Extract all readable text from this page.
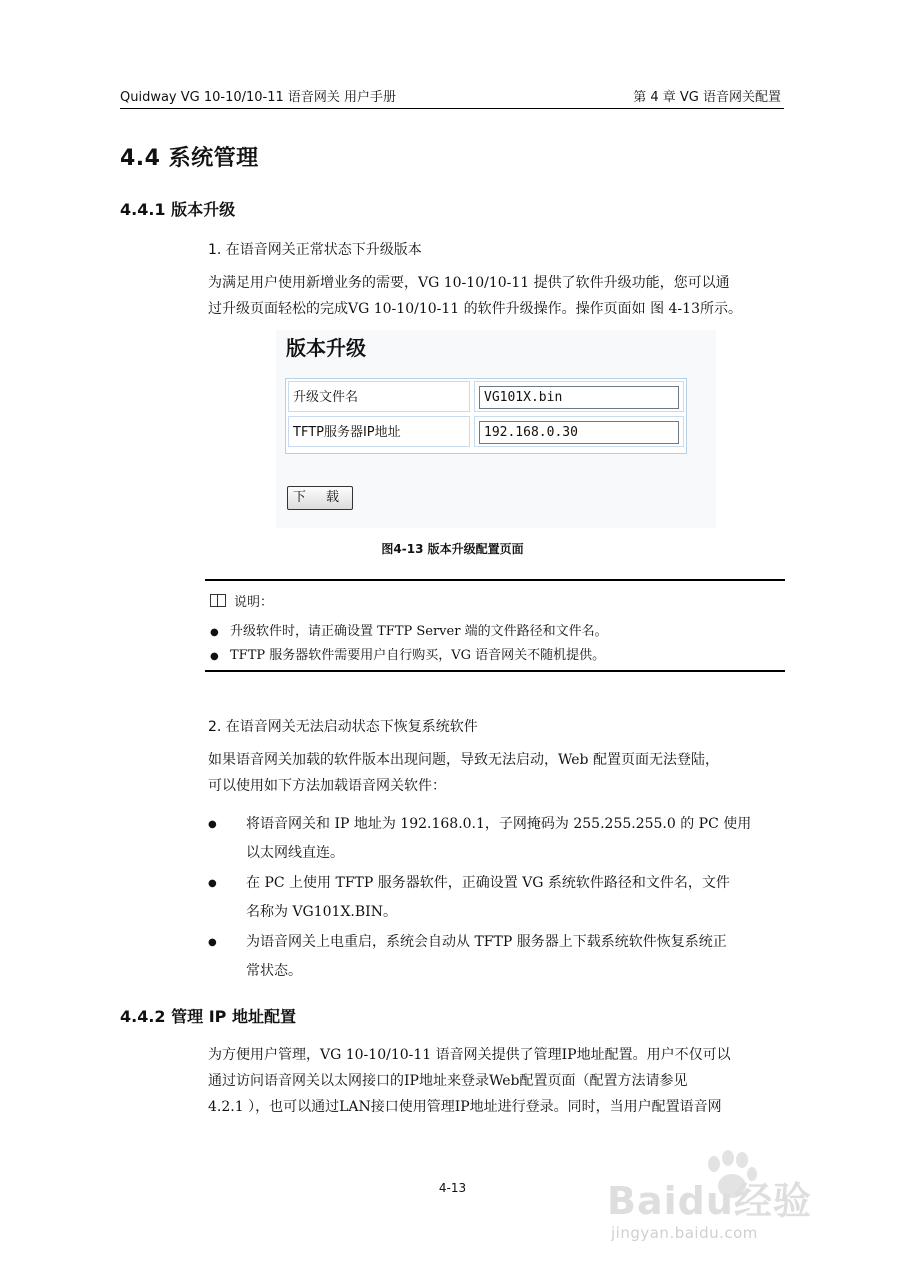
Quidway VG 10-10/10-11 语音网关 用户手册	第 4 章 VG 语音网关配置
4.4 系统管理
4.4.1 版本升级
1. 在语音网关正常状态下升级版本

为满足用户使用新增业务的需要，VG 10-10/10-11 提供了软件升级功能，您可以通

过升级页面轻松的完成VG 10-10/10-11 的软件升级操作。操作页面如 图 4-13所示。

版本升级
升级文件名	VG101X.bin
TFTP服务器IP地址	192.168.0.30
下 载
图4-13 版本升级配置页面
说明：
● 升级软件时，请正确设置 TFTP Server 端的文件路径和文件名。
● TFTP 服务器软件需要用户自行购买，VG 语音网关不随机提供。
2. 在语音网关无法启动状态下恢复系统软件

如果语音网关加载的软件版本出现问题，导致无法启动，Web 配置页面无法登陆，

可以使用如下方法加载语音网关软件：

● 将语音网关和 IP 地址为 192.168.0.1，子网掩码为 255.255.255.0 的 PC 使用
以太网线直连。
● 在 PC 上使用 TFTP 服务器软件，正确设置 VG 系统软件路径和文件名，文件
名称为 VG101X.BIN。
● 为语音网关上电重启，系统会自动从 TFTP 服务器上下载系统软件恢复系统正
常状态。
4.4.2 管理 IP 地址配置

为方便用户管理，VG 10-10/10-11 语音网关提供了管理IP地址配置。用户不仅可以

通过访问语音网关以太网接口的IP地址来登录Web配置页面（配置方法请参见

4.2.1 ），也可以通过LAN接口使用管理IP地址进行登录。同时，当用户配置语音网

4-13	Baidu经验
jingyan.baidu.com
